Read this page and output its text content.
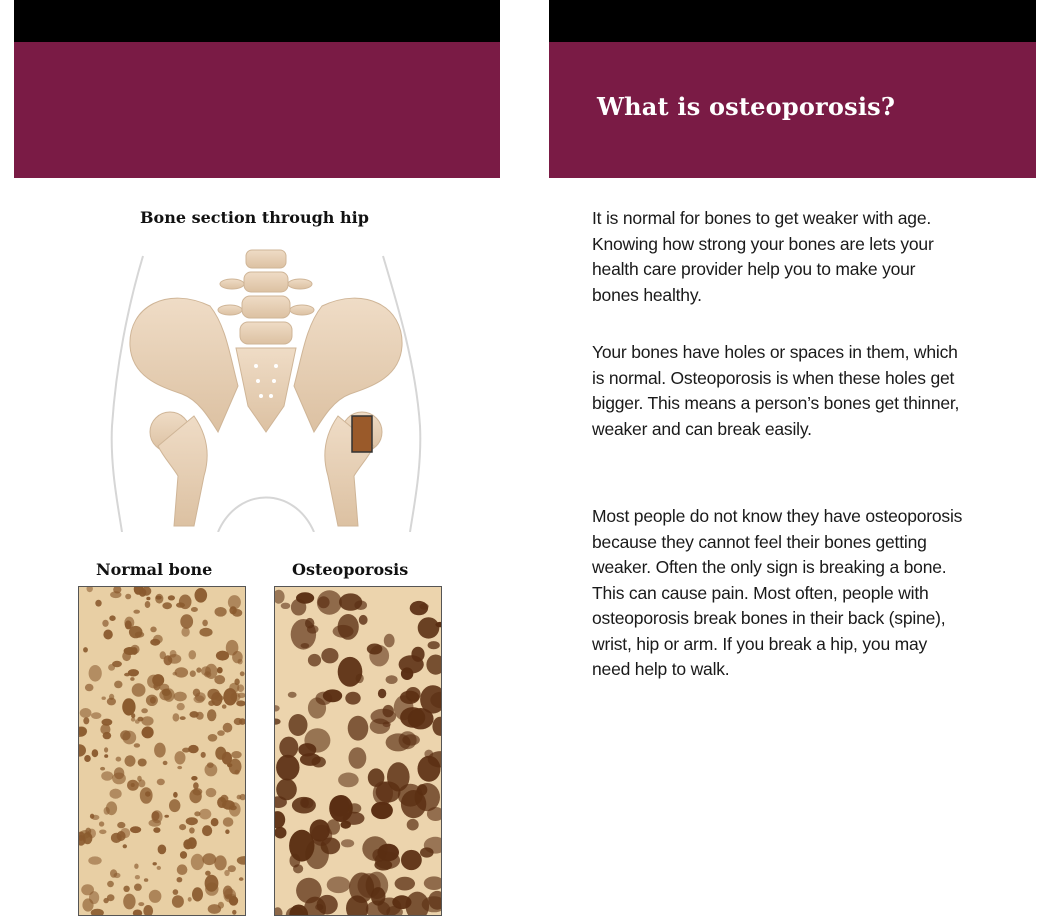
What is osteoporosis?
Bone section through hip
Normal bone	Osteoporosis

It is normal for bones to get weaker with age. Knowing how strong your bones are lets your health care provider help you to make your bones healthy.

Your bones have holes or spaces in them, which is normal. Osteoporosis is when these holes get bigger. This means a person’s bones get thinner, weaker and can break easily.

Most people do not know they have osteoporosis because they cannot feel their bones getting weaker. Often the only sign is breaking a bone. This can cause pain. Most often, people with osteoporosis break bones in their back (spine), wrist, hip or arm. If you break a hip, you may need help to walk.
